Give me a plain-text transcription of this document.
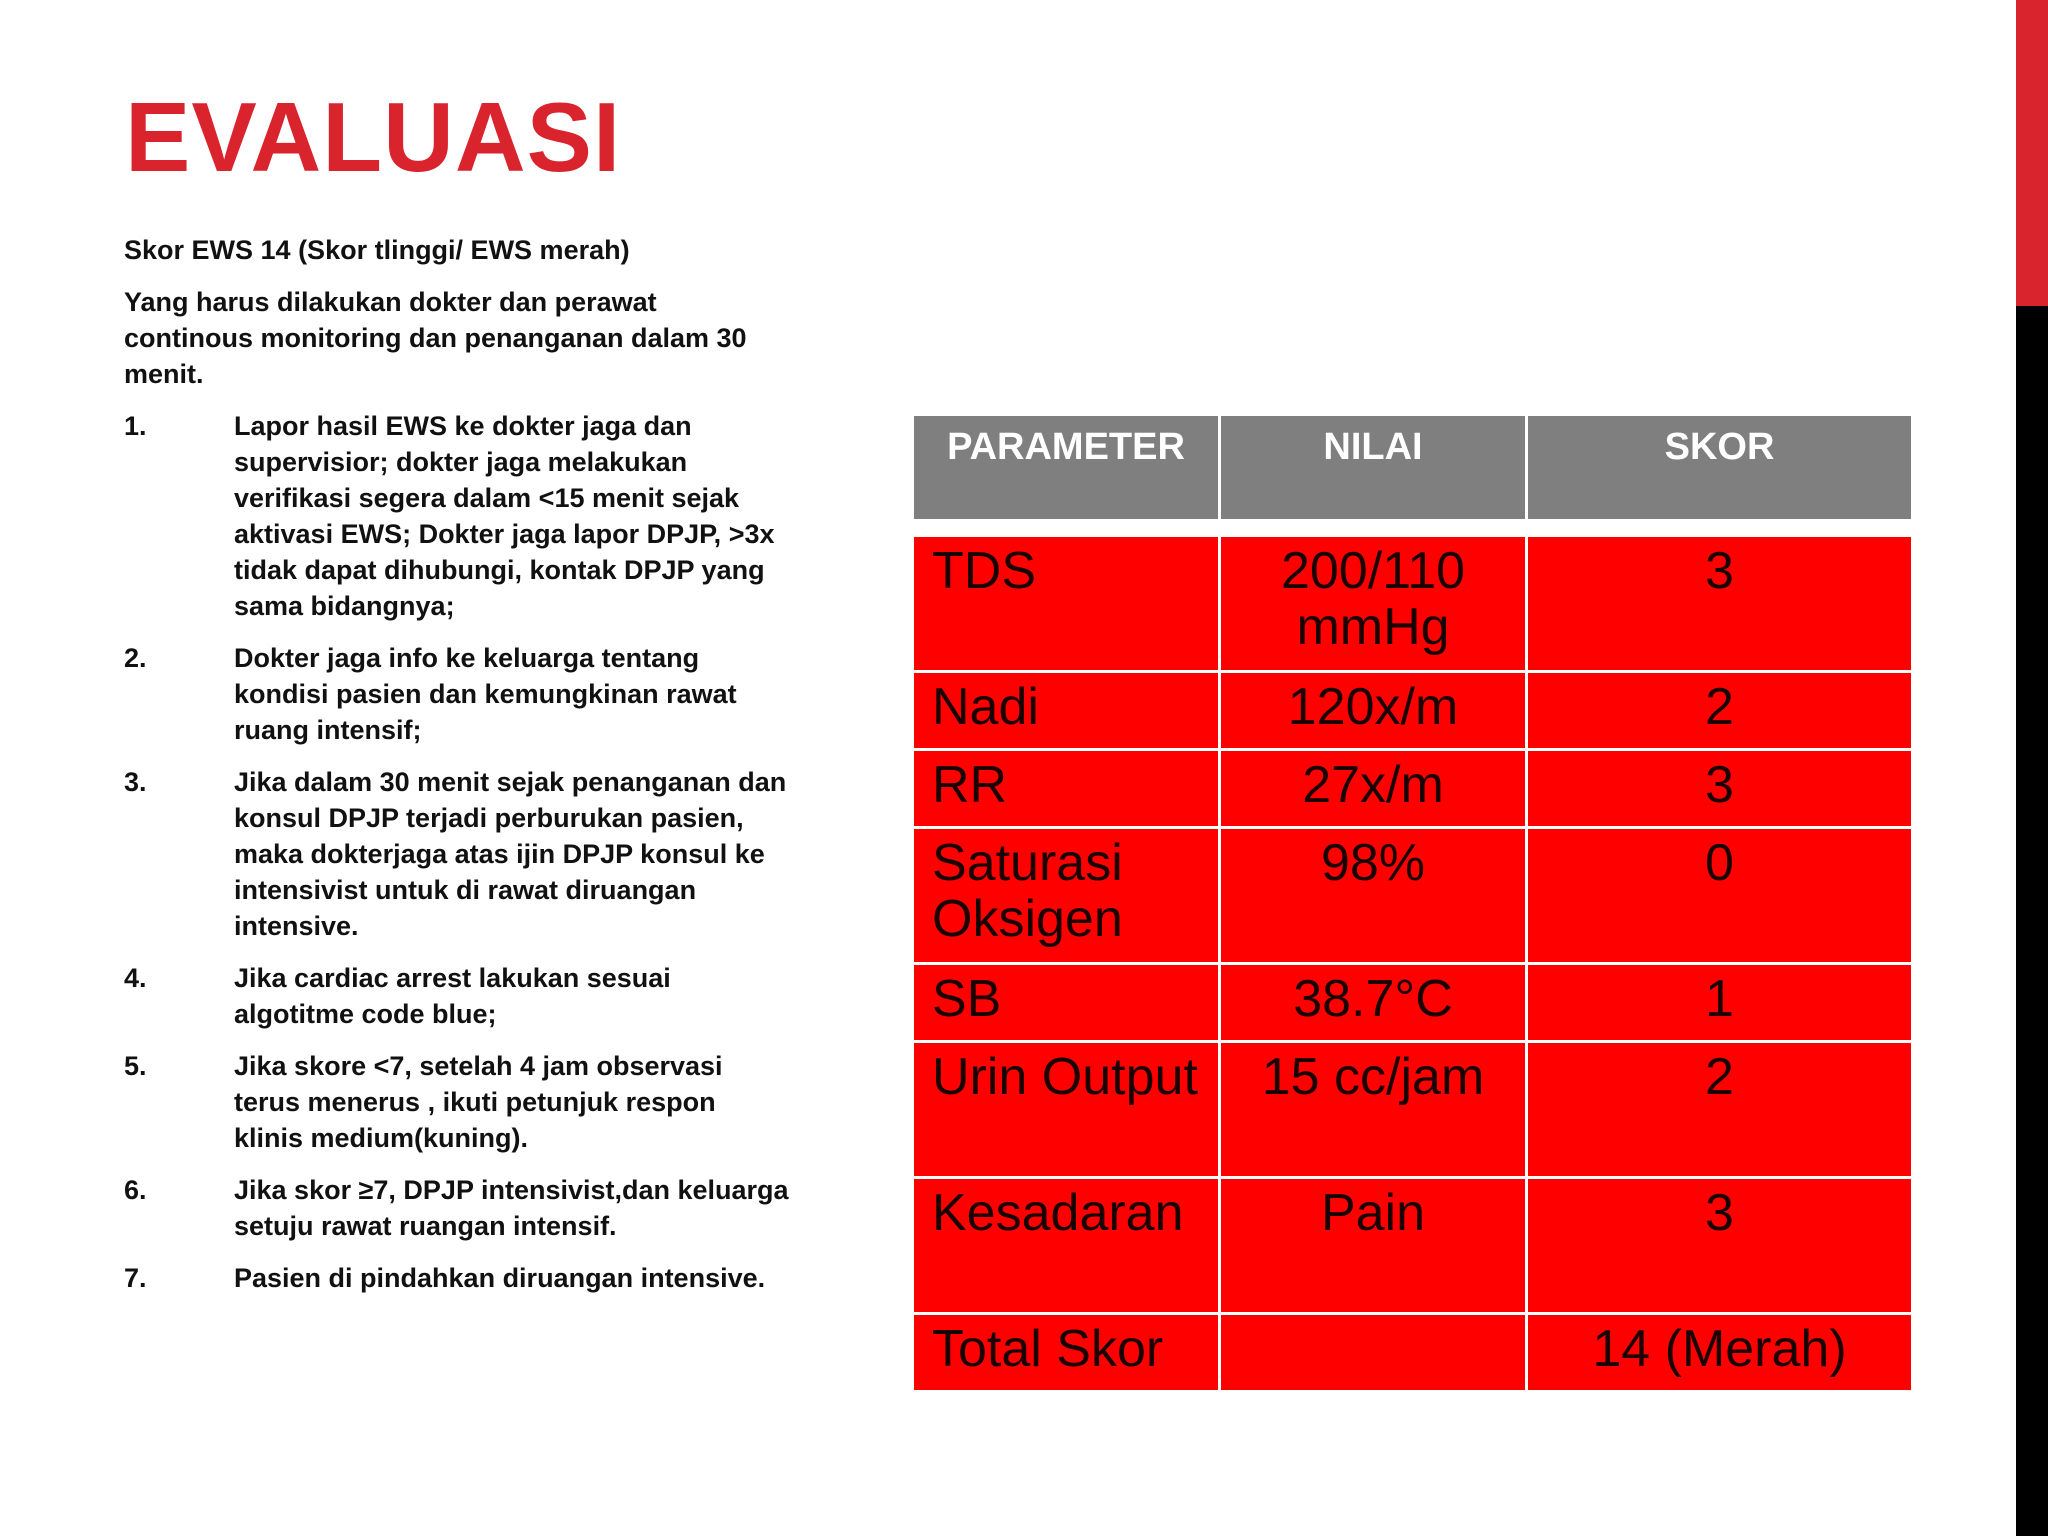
EVALUASI

Skor EWS 14 (Skor tlinggi/ EWS merah)

Yang harus dilakukan dokter dan perawat continous monitoring dan penanganan dalam 30 menit.

1.	Lapor hasil EWS ke dokter jaga dan supervisior; dokter jaga melakukan verifikasi segera dalam <15 menit sejak aktivasi EWS; Dokter jaga lapor DPJP, >3x tidak dapat dihubungi, kontak DPJP yang sama bidangnya;
2.	Dokter jaga info ke keluarga tentang kondisi pasien dan kemungkinan rawat ruang intensif;
3.	Jika dalam 30 menit sejak penanganan dan konsul DPJP terjadi perburukan pasien, maka dokterjaga atas ijin DPJP konsul ke intensivist untuk di rawat diruangan intensive.
4.	Jika cardiac arrest lakukan sesuai algotitme code blue;
5.	Jika skore <7, setelah 4 jam observasi terus menerus , ikuti petunjuk respon klinis medium(kuning).
6.	Jika skor ≥7, DPJP intensivist,dan keluarga setuju rawat ruangan intensif.
7.	Pasien di pindahkan diruangan intensive.
PARAMETER	NILAI	SKOR

TDS	200/110 mmHg	3
Nadi	120x/m	2
RR	27x/m	3
Saturasi Oksigen	98%	0
SB	38.7°C	1
Urin Output	15 cc/jam	2
Kesadaran	Pain	3
Total Skor		14 (Merah)
